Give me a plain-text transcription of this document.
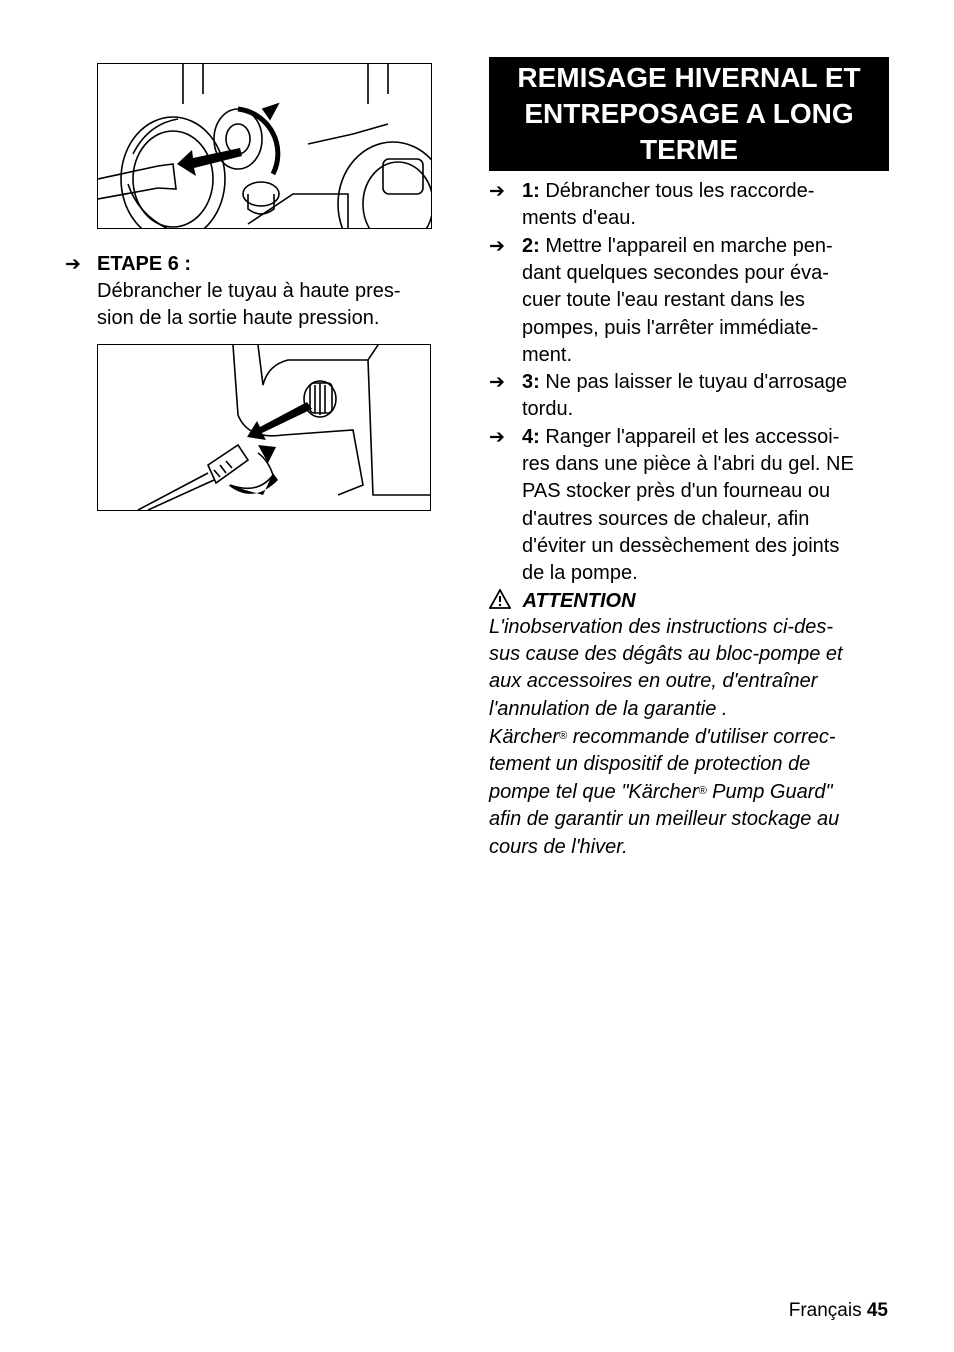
➔ ETAPE 6 :
Débrancher le tuyau à haute pres-
sion de la sortie haute pression.
REMISAGE HIVERNAL ET
ENTREPOSAGE A LONG
TERME
➔ 1: Débrancher tous les raccorde-
ments d'eau.
➔ 2: Mettre l'appareil en marche pen-
dant quelques secondes pour éva-
cuer toute l'eau restant dans les
pompes, puis l'arrêter immédiate-
ment.
➔ 3: Ne pas laisser le tuyau d'arrosage
tordu.
➔ 4: Ranger l'appareil et les accessoi-
res dans une pièce à l'abri du gel. NE
PAS stocker près d'un fourneau ou
d'autres sources de chaleur, afin
d'éviter un dessèchement des joints
de la pompe.
ATTENTION
L'inobservation des instructions ci-des-
sus cause des dégâts au bloc-pompe et
aux accessoires en outre, d'entraîner
l'annulation de la garantie .
Kärcher® recommande d'utiliser correc-
tement un dispositif de protection de
pompe tel que "Kärcher® Pump Guard"
afin de garantir un meilleur stockage au
cours de l'hiver.
Français 45
